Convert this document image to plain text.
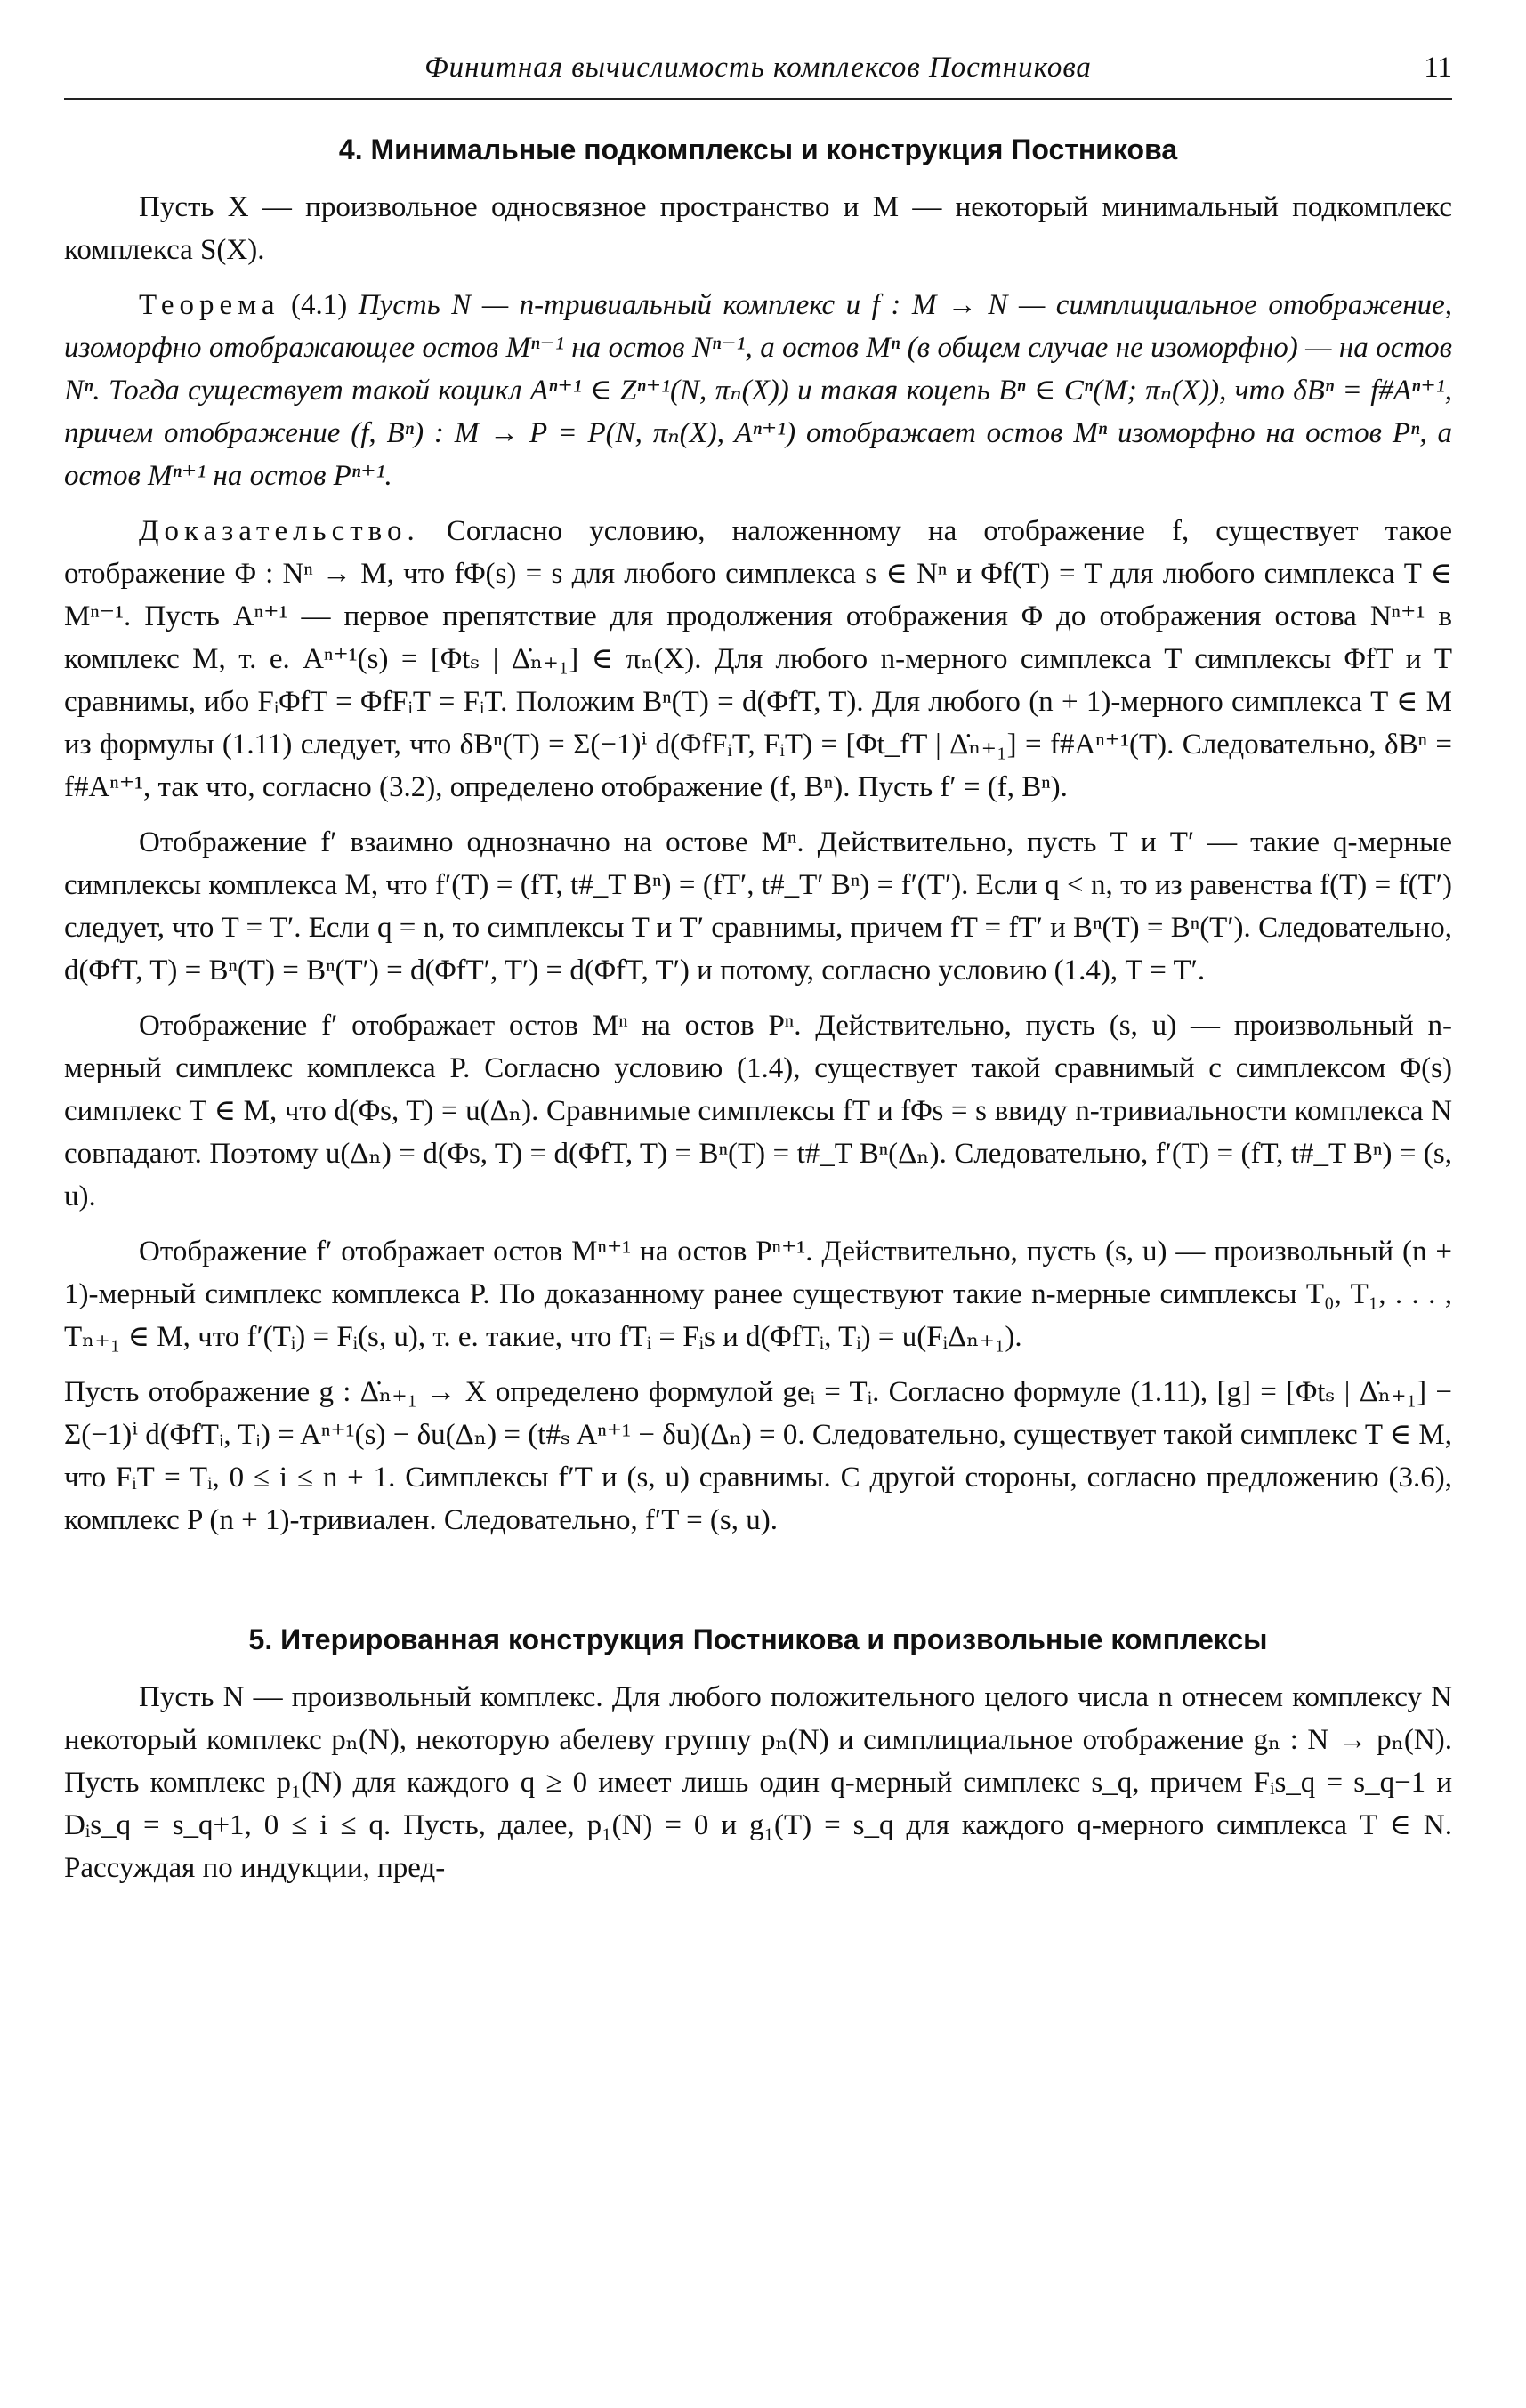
Финитная вычислимость комплексов Постникова	11
4. Минимальные подкомплексы и конструкция Постникова

Пусть X — произвольное односвязное пространство и M — некоторый минимальный подкомплекс комплекса S(X).

Теорема (4.1) Пусть N — n-тривиальный комплекс и f : M → N — симплициальное отображение, изоморфно отображающее остов Mⁿ⁻¹ на остов Nⁿ⁻¹, а остов Mⁿ (в общем случае не изоморфно) — на остов Nⁿ. Тогда существует такой коцикл Aⁿ⁺¹ ∈ Zⁿ⁺¹(N, πₙ(X)) и такая коцепь Bⁿ ∈ Cⁿ(M; πₙ(X)), что δBⁿ = f#Aⁿ⁺¹, причем отображение (f, Bⁿ) : M → P = P(N, πₙ(X), Aⁿ⁺¹) отображает остов Mⁿ изоморфно на остов Pⁿ, а остов Mⁿ⁺¹ на остов Pⁿ⁺¹.

Доказательство. Согласно условию, наложенному на отображение f, существует такое отображение Φ : Nⁿ → M, что fΦ(s) = s для любого симплекса s ∈ Nⁿ и Φf(T) = T для любого симплекса T ∈ Mⁿ⁻¹. Пусть Aⁿ⁺¹ — первое препятствие для продолжения отображения Φ до отображения остова Nⁿ⁺¹ в комплекс M, т. е. Aⁿ⁺¹(s) = [Φtₛ | Δ̇ₙ₊₁] ∈ πₙ(X). Для любого n-мерного симплекса T симплексы ΦfT и T сравнимы, ибо FᵢΦfT = ΦfFᵢT = FᵢT. Положим Bⁿ(T) = d(ΦfT, T). Для любого (n + 1)-мерного симплекса T ∈ M из формулы (1.11) следует, что δBⁿ(T) = Σ(−1)ⁱ d(ΦfFᵢT, FᵢT) = [Φt_fT | Δ̇ₙ₊₁] = f#Aⁿ⁺¹(T). Следовательно, δBⁿ = f#Aⁿ⁺¹, так что, согласно (3.2), определено отображение (f, Bⁿ). Пусть f′ = (f, Bⁿ).

Отображение f′ взаимно однозначно на остове Mⁿ. Действительно, пусть T и T′ — такие q-мерные симплексы комплекса M, что f′(T) = (fT, t#_T Bⁿ) = (fT′, t#_T′ Bⁿ) = f′(T′). Если q < n, то из равенства f(T) = f(T′) следует, что T = T′. Если q = n, то симплексы T и T′ сравнимы, причем fT = fT′ и Bⁿ(T) = Bⁿ(T′). Следовательно, d(ΦfT, T) = Bⁿ(T) = Bⁿ(T′) = d(ΦfT′, T′) = d(ΦfT, T′) и потому, согласно условию (1.4), T = T′.

Отображение f′ отображает остов Mⁿ на остов Pⁿ. Действительно, пусть (s, u) — произвольный n-мерный симплекс комплекса P. Согласно условию (1.4), существует такой сравнимый с симплексом Φ(s) симплекс T ∈ M, что d(Φs, T) = u(Δₙ). Сравнимые симплексы fT и fΦs = s ввиду n-тривиальности комплекса N совпадают. Поэтому u(Δₙ) = d(Φs, T) = d(ΦfT, T) = Bⁿ(T) = t#_T Bⁿ(Δₙ). Следовательно, f′(T) = (fT, t#_T Bⁿ) = (s, u).

Отображение f′ отображает остов Mⁿ⁺¹ на остов Pⁿ⁺¹. Действительно, пусть (s, u) — произвольный (n + 1)-мерный симплекс комплекса P. По доказанному ранее существуют такие n-мерные симплексы T₀, T₁, . . . , Tₙ₊₁ ∈ M, что f′(Tᵢ) = Fᵢ(s, u), т. е. такие, что fTᵢ = Fᵢs и d(ΦfTᵢ, Tᵢ) = u(FᵢΔₙ₊₁).

Пусть отображение g : Δ̇ₙ₊₁ → X определено формулой geᵢ = Tᵢ. Согласно формуле (1.11), [g] = [Φtₛ | Δ̇ₙ₊₁] − Σ(−1)ⁱ d(ΦfTᵢ, Tᵢ) = Aⁿ⁺¹(s) − δu(Δₙ) = (t#ₛ Aⁿ⁺¹ − δu)(Δₙ) = 0. Следовательно, существует такой симплекс T ∈ M, что FᵢT = Tᵢ, 0 ≤ i ≤ n + 1. Симплексы f′T и (s, u) сравнимы. С другой стороны, согласно предложению (3.6), комплекс P (n + 1)-тривиален. Следовательно, f′T = (s, u).

5. Итерированная конструкция Постникова и произвольные комплексы

Пусть N — произвольный комплекс. Для любого положительного целого числа n отнесем комплексу N некоторый комплекс pₙ(N), некоторую абелеву группу pₙ(N) и симплициальное отображение gₙ : N → pₙ(N). Пусть комплекс p₁(N) для каждого q ≥ 0 имеет лишь один q-мерный симплекс s_q, причем Fᵢs_q = s_q−1 и Dᵢs_q = s_q+1, 0 ≤ i ≤ q. Пусть, далее, p₁(N) = 0 и g₁(T) = s_q для каждого q-мерного симплекса T ∈ N. Рассуждая по индукции, пред-
